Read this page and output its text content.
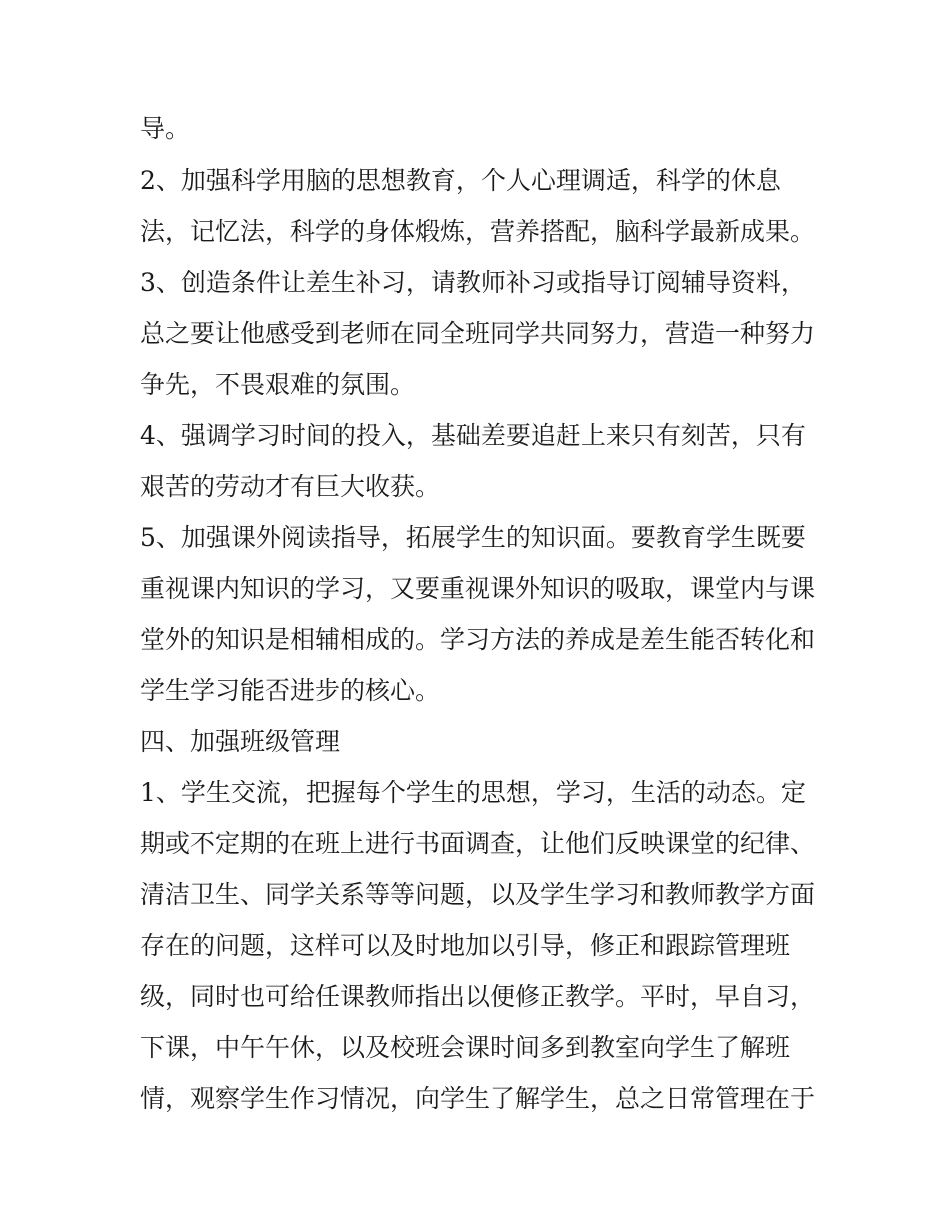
导。
2、加强科学用脑的思想教育，个人心理调适，科学的休息
法，记忆法，科学的身体煅炼，营养搭配，脑科学最新成果。
3、创造条件让差生补习，请教师补习或指导订阅辅导资料，
总之要让他感受到老师在同全班同学共同努力，营造一种努力
争先，不畏艰难的氛围。
4、强调学习时间的投入，基础差要追赶上来只有刻苦，只有
艰苦的劳动才有巨大收获。
5、加强课外阅读指导，拓展学生的知识面。要教育学生既要
重视课内知识的学习，又要重视课外知识的吸取，课堂内与课
堂外的知识是相辅相成的。学习方法的养成是差生能否转化和
学生学习能否进步的核心。
四、加强班级管理
1、学生交流，把握每个学生的思想，学习，生活的动态。定
期或不定期的在班上进行书面调查，让他们反映课堂的纪律、
清洁卫生、同学关系等等问题，以及学生学习和教师教学方面
存在的问题，这样可以及时地加以引导，修正和跟踪管理班
级，同时也可给任课教师指出以便修正教学。平时，早自习，
下课，中午午休，以及校班会课时间多到教室向学生了解班
情，观察学生作习情况，向学生了解学生，总之日常管理在于
